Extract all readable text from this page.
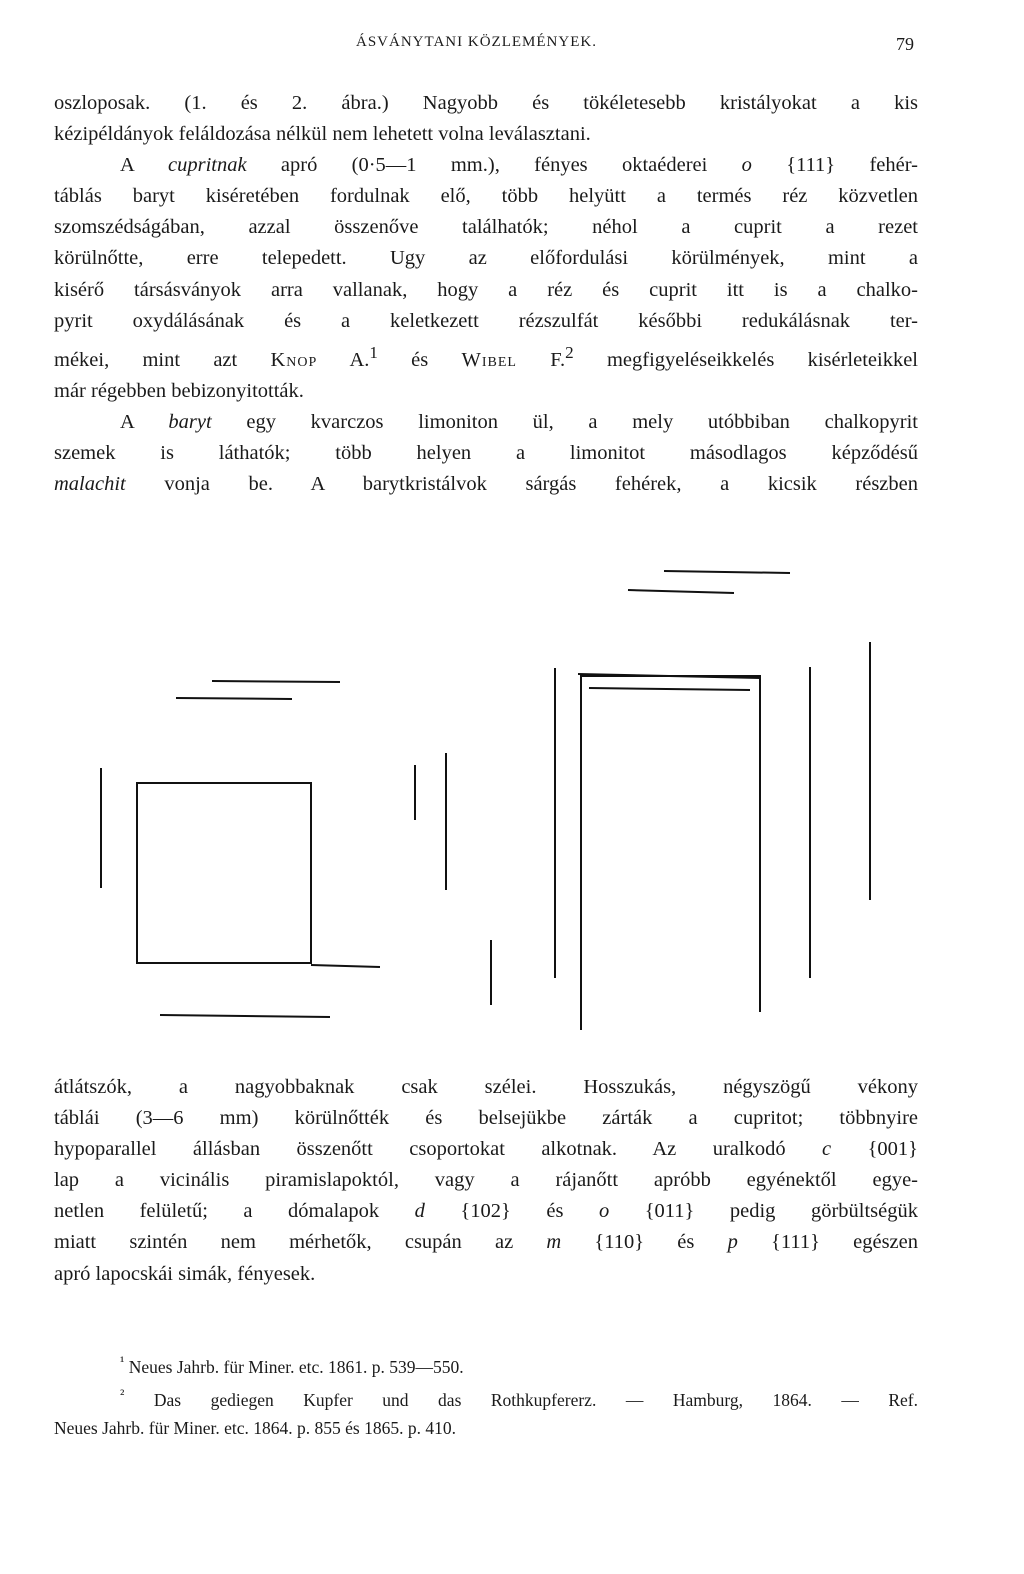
ÁSVÁNYTANI KÖZLEMÉNYEK.	79
oszloposak. (1. és 2. ábra.) Nagyobb és tökéletesebb kristályokat a kis
kézipéldányok feláldozása nélkül nem lehetett volna leválasztani.
A cupritnak apró (0·5—1 mm.), fényes oktaéderei o {111} fehér-
táblás baryt kiséretében fordulnak elő, több helyütt a termés réz közvetlen
szomszédságában, azzal összenőve találhatók; néhol a cuprit a rezet
körülnőtte, erre telepedett. Ugy az előfordulási körülmények, mint a
kisérő társásványok arra vallanak, hogy a réz és cuprit itt is a chalko-
pyrit oxydálásának és a keletkezett rézszulfát későbbi redukálásnak ter-
mékei, mint azt Knop A.$^1$ és Wibel F.$^2$ megfigyeléseikkelés kisérleteikkel
már régebben bebizonyitották.
A baryt egy kvarczos limoniton ül, a mely utóbbiban chalkopyrit
szemek is láthatók; több helyen a limonitot másodlagos képződésű
malachit vonja be. A barytkristálvok sárgás fehérek, a kicsik részben
átlátszók, a nagyobbaknak csak szélei. Hosszukás, négyszögű vékony
táblái (3—6 mm) körülnőtték és belsejükbe zárták a cupritot; többnyire
hypoparallel állásban összenőtt csoportokat alkotnak. Az uralkodó c {001}
lap a vicinális piramislapoktól, vagy a rájanőtt apróbb egyénektől egye-
netlen felületű; a dómalapok d {102} és o {011} pedig görbültségük
miatt szintén nem mérhetők, csupán az m {110} és p {111} egészen
apró lapocskái simák, fényesek.
$^{^1}$ Neues Jahrb. für Miner. etc. 1861. p. 539—550.
$^{^2}$ Das gediegen Kupfer und das Rothkupfererz. — Hamburg, 1864. — Ref.
Neues Jahrb. für Miner. etc. 1864. p. 855 és 1865. p. 410.
